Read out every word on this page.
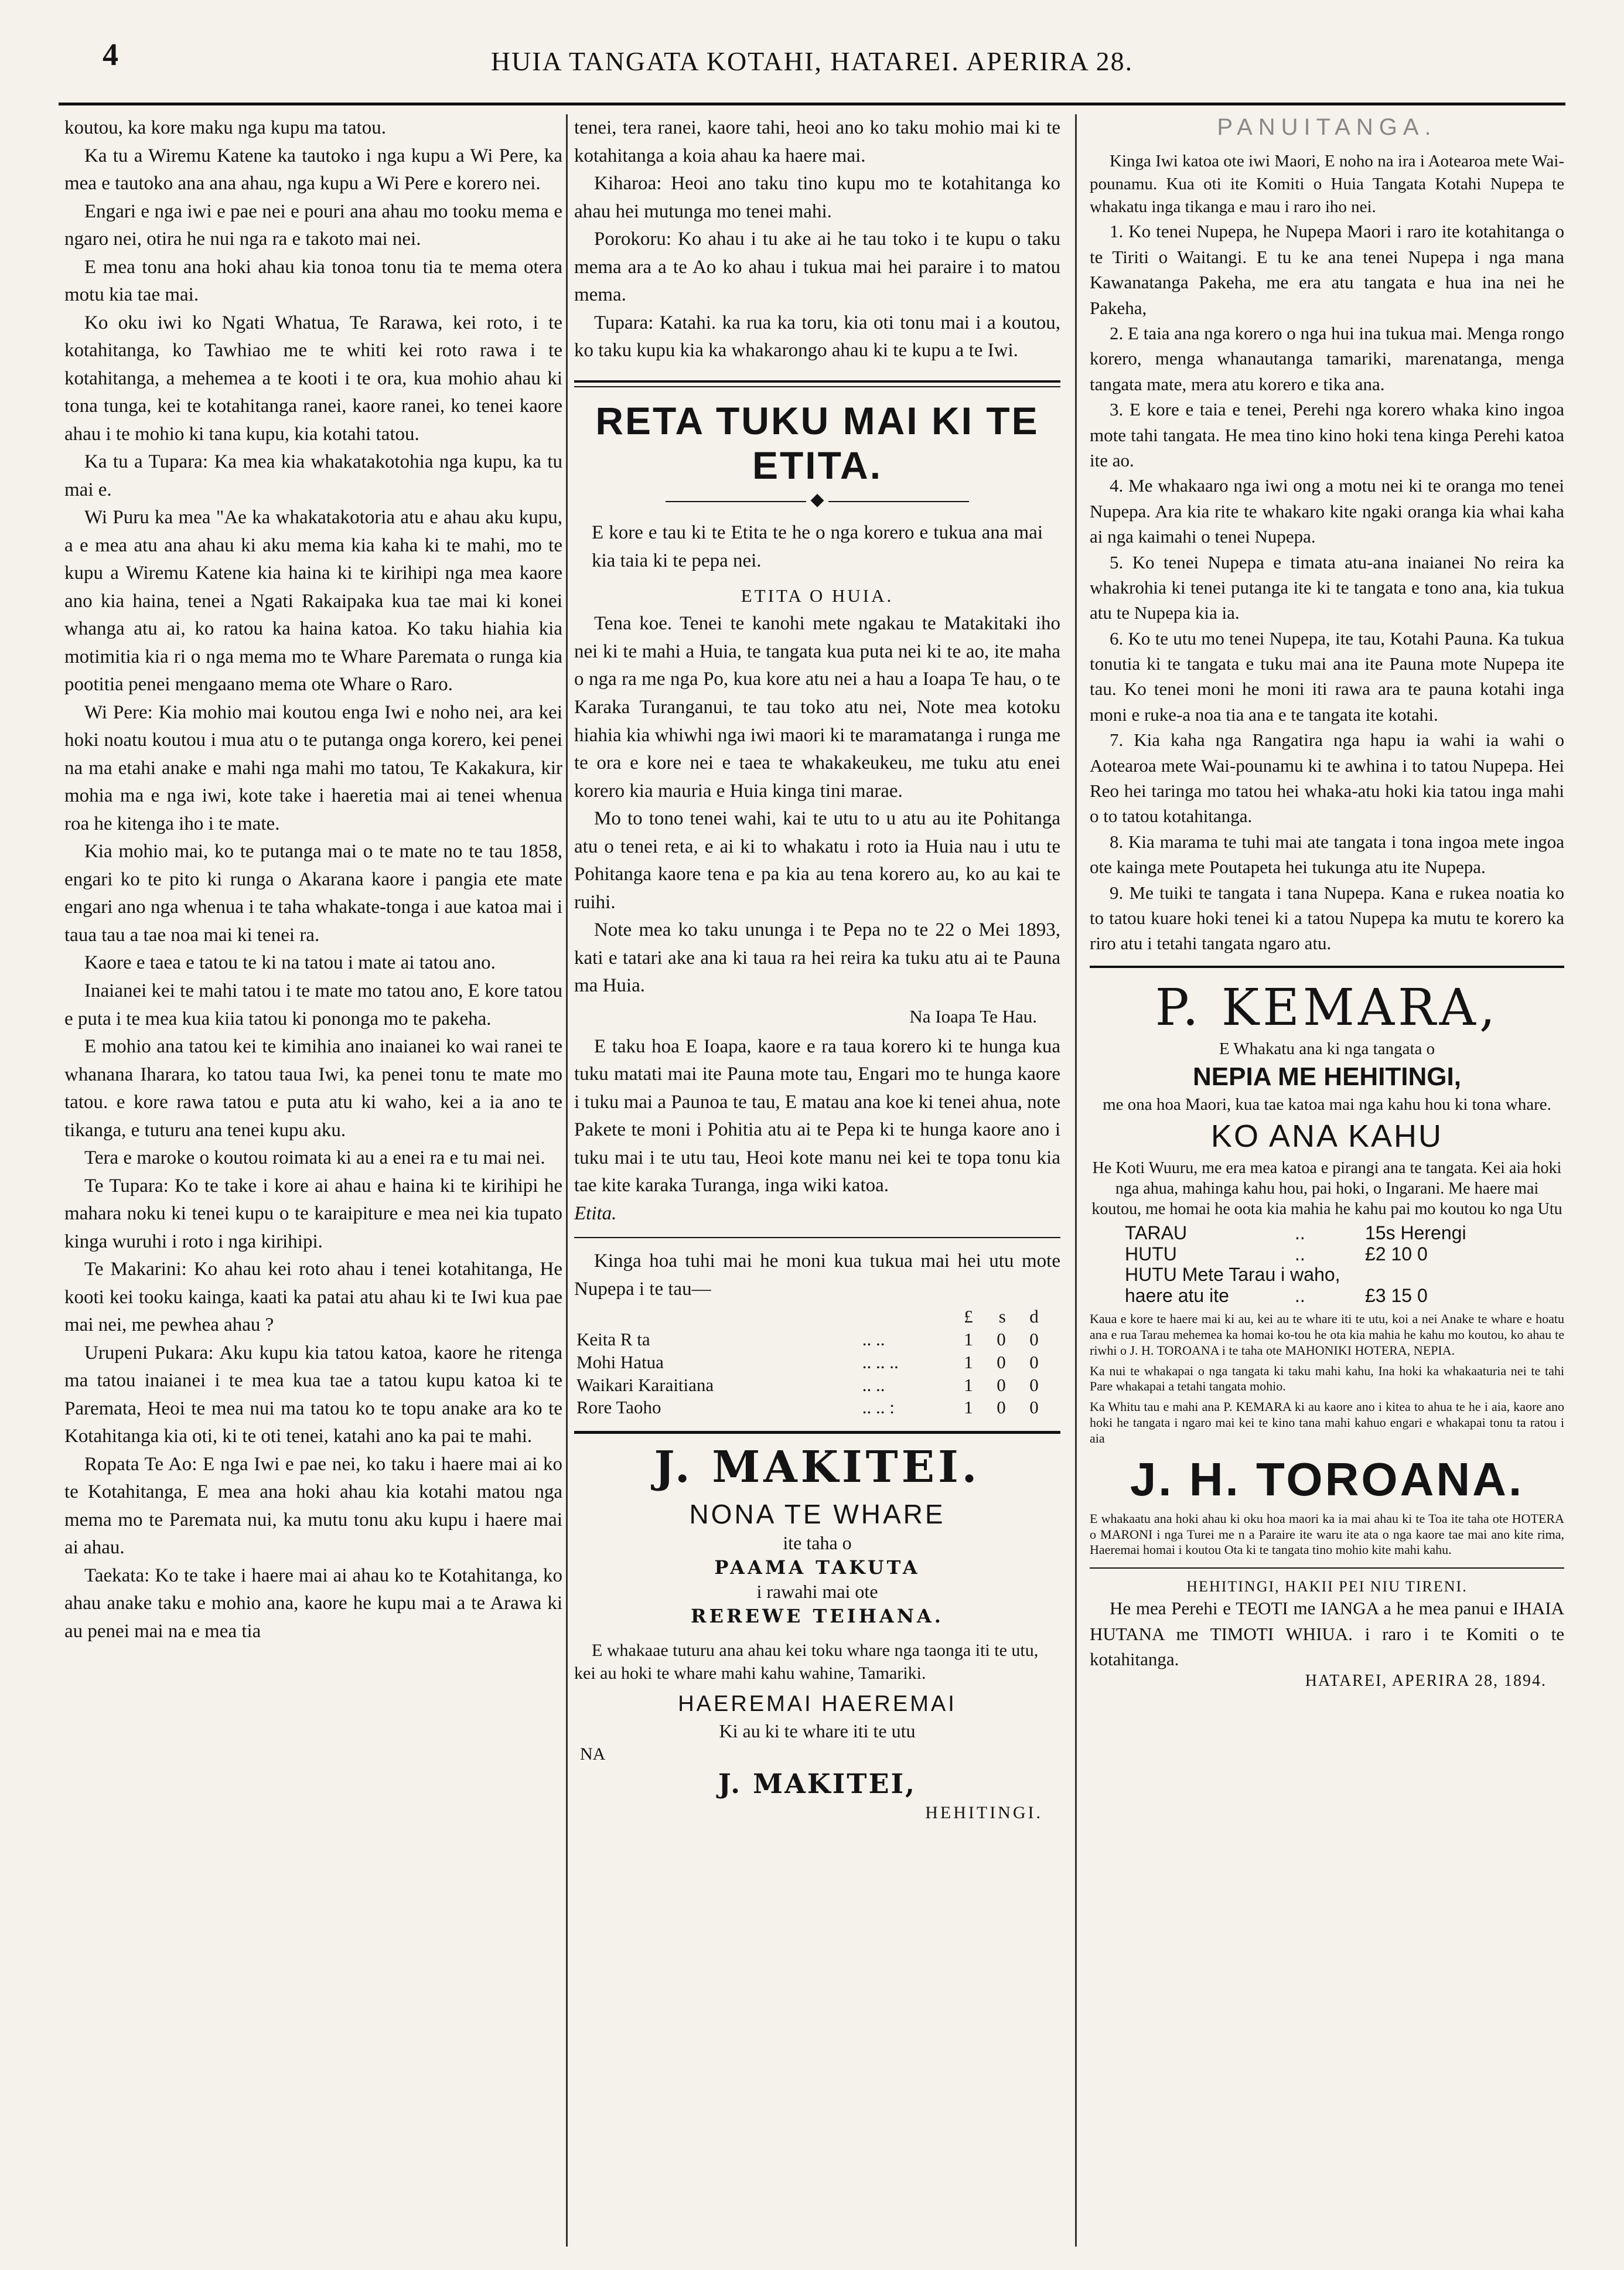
4	HUIA TANGATA KOTAHI, HATAREI. APERIRA 28.

koutou, ka kore maku nga kupu ma tatou.

Ka tu a Wiremu Katene ka tautoko i nga kupu a Wi Pere, ka mea e tautoko ana ana ahau, nga kupu a Wi Pere e korero nei.

Engari e nga iwi e pae nei e pouri ana ahau mo tooku mema e ngaro nei, otira he nui nga ra e takoto mai nei.

E mea tonu ana hoki ahau kia tonoa tonu tia te mema otera motu kia tae mai.

Ko oku iwi ko Ngati Whatua, Te Rarawa, kei roto, i te kotahitanga, ko Tawhiao me te whiti kei roto rawa i te kotahitanga, a mehemea a te kooti i te ora, kua mohio ahau ki tona tunga, kei te kotahitanga ranei, kaore ranei, ko tenei kaore ahau i te mohio ki tana kupu, kia kotahi tatou.

Ka tu a Tupara: Ka mea kia whakatakotohia nga kupu, ka tu mai e.

Wi Puru ka mea "Ae ka whakatakotoria atu e ahau aku kupu, a e mea atu ana ahau ki aku mema kia kaha ki te mahi, mo te kupu a Wiremu Katene kia haina ki te kirihipi nga mea kaore ano kia haina, tenei a Ngati Rakaipaka kua tae mai ki konei whanga atu ai, ko ratou ka haina katoa. Ko taku hiahia kia motimitia kia ri o nga mema mo te Whare Paremata o runga kia pootitia penei mengaano mema ote Whare o Raro.

Wi Pere: Kia mohio mai koutou enga Iwi e noho nei, ara kei hoki noatu koutou i mua atu o te putanga onga korero, kei penei na ma etahi anake e mahi nga mahi mo tatou, Te Kakakura, kir mohia ma e nga iwi, kote take i haeretia mai ai tenei whenua roa he kitenga iho i te mate.

Kia mohio mai, ko te putanga mai o te mate no te tau 1858, engari ko te pito ki runga o Akarana kaore i pangia ete mate engari ano nga whenua i te taha whakate-tonga i aue katoa mai i taua tau a tae noa mai ki tenei ra.

Kaore e taea e tatou te ki na tatou i mate ai tatou ano.

Inaianei kei te mahi tatou i te mate mo tatou ano, E kore tatou e puta i te mea kua kiia tatou ki pononga mo te pakeha.

E mohio ana tatou kei te kimihia ano inaianei ko wai ranei te whanana Iharara, ko tatou taua Iwi, ka penei tonu te mate mo tatou. e kore rawa tatou e puta atu ki waho, kei a ia ano te tikanga, e tuturu ana tenei kupu aku.

Tera e maroke o koutou roimata ki au a enei ra e tu mai nei.

Te Tupara: Ko te take i kore ai ahau e haina ki te kirihipi he mahara noku ki tenei kupu o te karaipiture e mea nei kia tupato kinga wuruhi i roto i nga kirihipi.

Te Makarini: Ko ahau kei roto ahau i tenei kotahitanga, He kooti kei tooku kainga, kaati ka patai atu ahau ki te Iwi kua pae mai nei, me pewhea ahau ?

Urupeni Pukara: Aku kupu kia tatou katoa, kaore he ritenga ma tatou inaianei i te mea kua tae a tatou kupu katoa ki te Paremata, Heoi te mea nui ma tatou ko te topu anake ara ko te Kotahitanga kia oti, ki te oti tenei, katahi ano ka pai te mahi.

Ropata Te Ao: E nga Iwi e pae nei, ko taku i haere mai ai ko te Kotahitanga, E mea ana hoki ahau kia kotahi matou nga mema mo te Paremata nui, ka mutu tonu aku kupu i haere mai ai ahau.

Taekata: Ko te take i haere mai ai ahau ko te Kotahitanga, ko ahau anake taku e mohio ana, kaore he kupu mai a te Arawa ki au penei mai na e mea tia

tenei, tera ranei, kaore tahi, heoi ano ko taku mohio mai ki te kotahitanga a koia ahau ka haere mai.

Kiharoa: Heoi ano taku tino kupu mo te kotahitanga ko ahau hei mutunga mo tenei mahi.

Porokoru: Ko ahau i tu ake ai he tau toko i te kupu o taku mema ara a te Ao ko ahau i tukua mai hei paraire i to matou mema.

Tupara: Katahi. ka rua ka toru, kia oti tonu mai i a koutou, ko taku kupu kia ka whakarongo ahau ki te kupu a te Iwi.

RETA TUKU MAI KI TE ETITA.
◆

E kore e tau ki te Etita te he o nga korero e tukua ana mai kia taia ki te pepa nei.

ETITA O HUIA.

Tena koe. Tenei te kanohi mete ngakau te Matakitaki iho nei ki te mahi a Huia, te tangata kua puta nei ki te ao, ite maha o nga ra me nga Po, kua kore atu nei a hau a Ioapa Te hau, o te Karaka Turanganui, te tau toko atu nei, Note mea kotoku hiahia kia whiwhi nga iwi maori ki te maramatanga i runga me te ora e kore nei e taea te whakakeukeu, me tuku atu enei korero kia mauria e Huia kinga tini marae.

Mo to tono tenei wahi, kai te utu to u atu au ite Pohitanga atu o tenei reta, e ai ki to whakatu i roto ia Huia nau i utu te Pohitanga kaore tena e pa kia au tena korero au, ko au kai te ruihi.

Note mea ko taku ununga i te Pepa no te 22 o Mei 1893, kati e tatari ake ana ki taua ra hei reira ka tuku atu ai te Pauna ma Huia.

Na Ioapa Te Hau.

E taku hoa E Ioapa, kaore e ra taua korero ki te hunga kua tuku matati mai ite Pauna mote tau, Engari mo te hunga kaore i tuku mai a Paunoa te tau, E matau ana koe ki tenei ahua, note Pakete te moni i Pohitia atu ai te Pepa ki te hunga kaore ano i tuku mai i te utu tau, Heoi kote manu nei kei te topa tonu kia tae kite karaka Turanga, inga wiki katoa.

Etita.

Kinga hoa tuhi mai he moni kua tukua mai hei utu mote Nupepa i te tau—

		£	s	d
Keita R ta	.. ..	1	0	0
Mohi Hatua	.. .. ..	1	0	0
Waikari Karaitiana	.. ..	1	0	0
Rore Taoho	.. .. :	1	0	0
J. MAKITEI.
NONA TE WHARE
ite taha o
PAAMA TAKUTA
i rawahi mai ote
REREWE TEIHANA.
E whakaae tuturu ana ahau kei toku whare nga taonga iti te utu, kei au hoki te whare mahi kahu wahine, Tamariki.
HAEREMAI HAEREMAI
Ki au ki te whare iti te utu
NA
J. MAKITEI,
HEHITINGI.
PANUITANGA.

Kinga Iwi katoa ote iwi Maori, E noho na ira i Aotearoa mete Wai-pounamu. Kua oti ite Komiti o Huia Tangata Kotahi Nupepa te whakatu inga tikanga e mau i raro iho nei.

1. Ko tenei Nupepa, he Nupepa Maori i raro ite kotahitanga o te Tiriti o Waitangi. E tu ke ana tenei Nupepa i nga mana Kawanatanga Pakeha, me era atu tangata e hua ina nei he Pakeha,

2. E taia ana nga korero o nga hui ina tukua mai. Menga rongo korero, menga whanautanga tamariki, marenatanga, menga tangata mate, mera atu korero e tika ana.

3. E kore e taia e tenei, Perehi nga korero whaka kino ingoa mote tahi tangata. He mea tino kino hoki tena kinga Perehi katoa ite ao.

4. Me whakaaro nga iwi ong a motu nei ki te oranga mo tenei Nupepa. Ara kia rite te whakaro kite ngaki oranga kia whai kaha ai nga kaimahi o tenei Nupepa.

5. Ko tenei Nupepa e timata atu-ana inaianei No reira ka whakrohia ki tenei putanga ite ki te tangata e tono ana, kia tukua atu te Nupepa kia ia.

6. Ko te utu mo tenei Nupepa, ite tau, Kotahi Pauna. Ka tukua tonutia ki te tangata e tuku mai ana ite Pauna mote Nupepa ite tau. Ko tenei moni he moni iti rawa ara te pauna kotahi inga moni e ruke-a noa tia ana e te tangata ite kotahi.

7. Kia kaha nga Rangatira nga hapu ia wahi ia wahi o Aotearoa mete Wai-pounamu ki te awhina i to tatou Nupepa. Hei Reo hei taringa mo tatou hei whaka-atu hoki kia tatou inga mahi o to tatou kotahitanga.

8. Kia marama te tuhi mai ate tangata i tona ingoa mete ingoa ote kainga mete Poutapeta hei tukunga atu ite Nupepa.

9. Me tuiki te tangata i tana Nupepa. Kana e rukea noatia ko to tatou kuare hoki tenei ki a tatou Nupepa ka mutu te korero ka riro atu i tetahi tangata ngaro atu.

P. KEMARA,
E Whakatu ana ki nga tangata o
NEPIA ME HEHITINGI,
me ona hoa Maori, kua tae katoa mai nga kahu hou ki tona whare.
KO ANA KAHU
He Koti Wuuru, me era mea katoa e pirangi ana te tangata. Kei aia hoki nga ahua, mahinga kahu hou, pai hoki, o Ingarani. Me haere mai koutou, me homai he oota kia mahia he kahu pai mo koutou ko nga Utu
TARAU	..	15s Herengi
HUTU	..	£2 10 0
HUTU Mete Tarau i waho,
haere atu ite	..	£3 15 0
Kaua e kore te haere mai ki au, kei au te whare iti te utu, koi a nei Anake te whare e hoatu ana e rua Tarau mehemea ka homai ko-tou he ota kia mahia he kahu mo koutou, ko ahau te riwhi o J. H. TOROANA i te taha ote MAHONIKI HOTERA, NEPIA.
Ka nui te whakapai o nga tangata ki taku mahi kahu, Ina hoki ka whakaaturia nei te tahi Pare whakapai a tetahi tangata mohio.
Ka Whitu tau e mahi ana P. KEMARA ki au kaore ano i kitea to ahua te he i aia, kaore ano hoki he tangata i ngaro mai kei te kino tana mahi kahuo engari e whakapai tonu ta ratou i aia
J. H. TOROANA.
E whakaatu ana hoki ahau ki oku hoa maori ka ia mai ahau ki te Toa ite taha ote HOTERA o MARONI i nga Turei me n a Paraire ite waru ite ata o nga kaore tae mai ano kite rima, Haeremai homai i koutou Ota ki te tangata tino mohio kite mahi kahu.
HEHITINGI, HAKII PEI NIU TIRENI.

He mea Perehi e TEOTI me IANGA a he mea panui e IHAIA HUTANA me TIMOTI WHIUA. i raro i te Komiti o te kotahitanga.

HATAREI, APERIRA 28, 1894.
